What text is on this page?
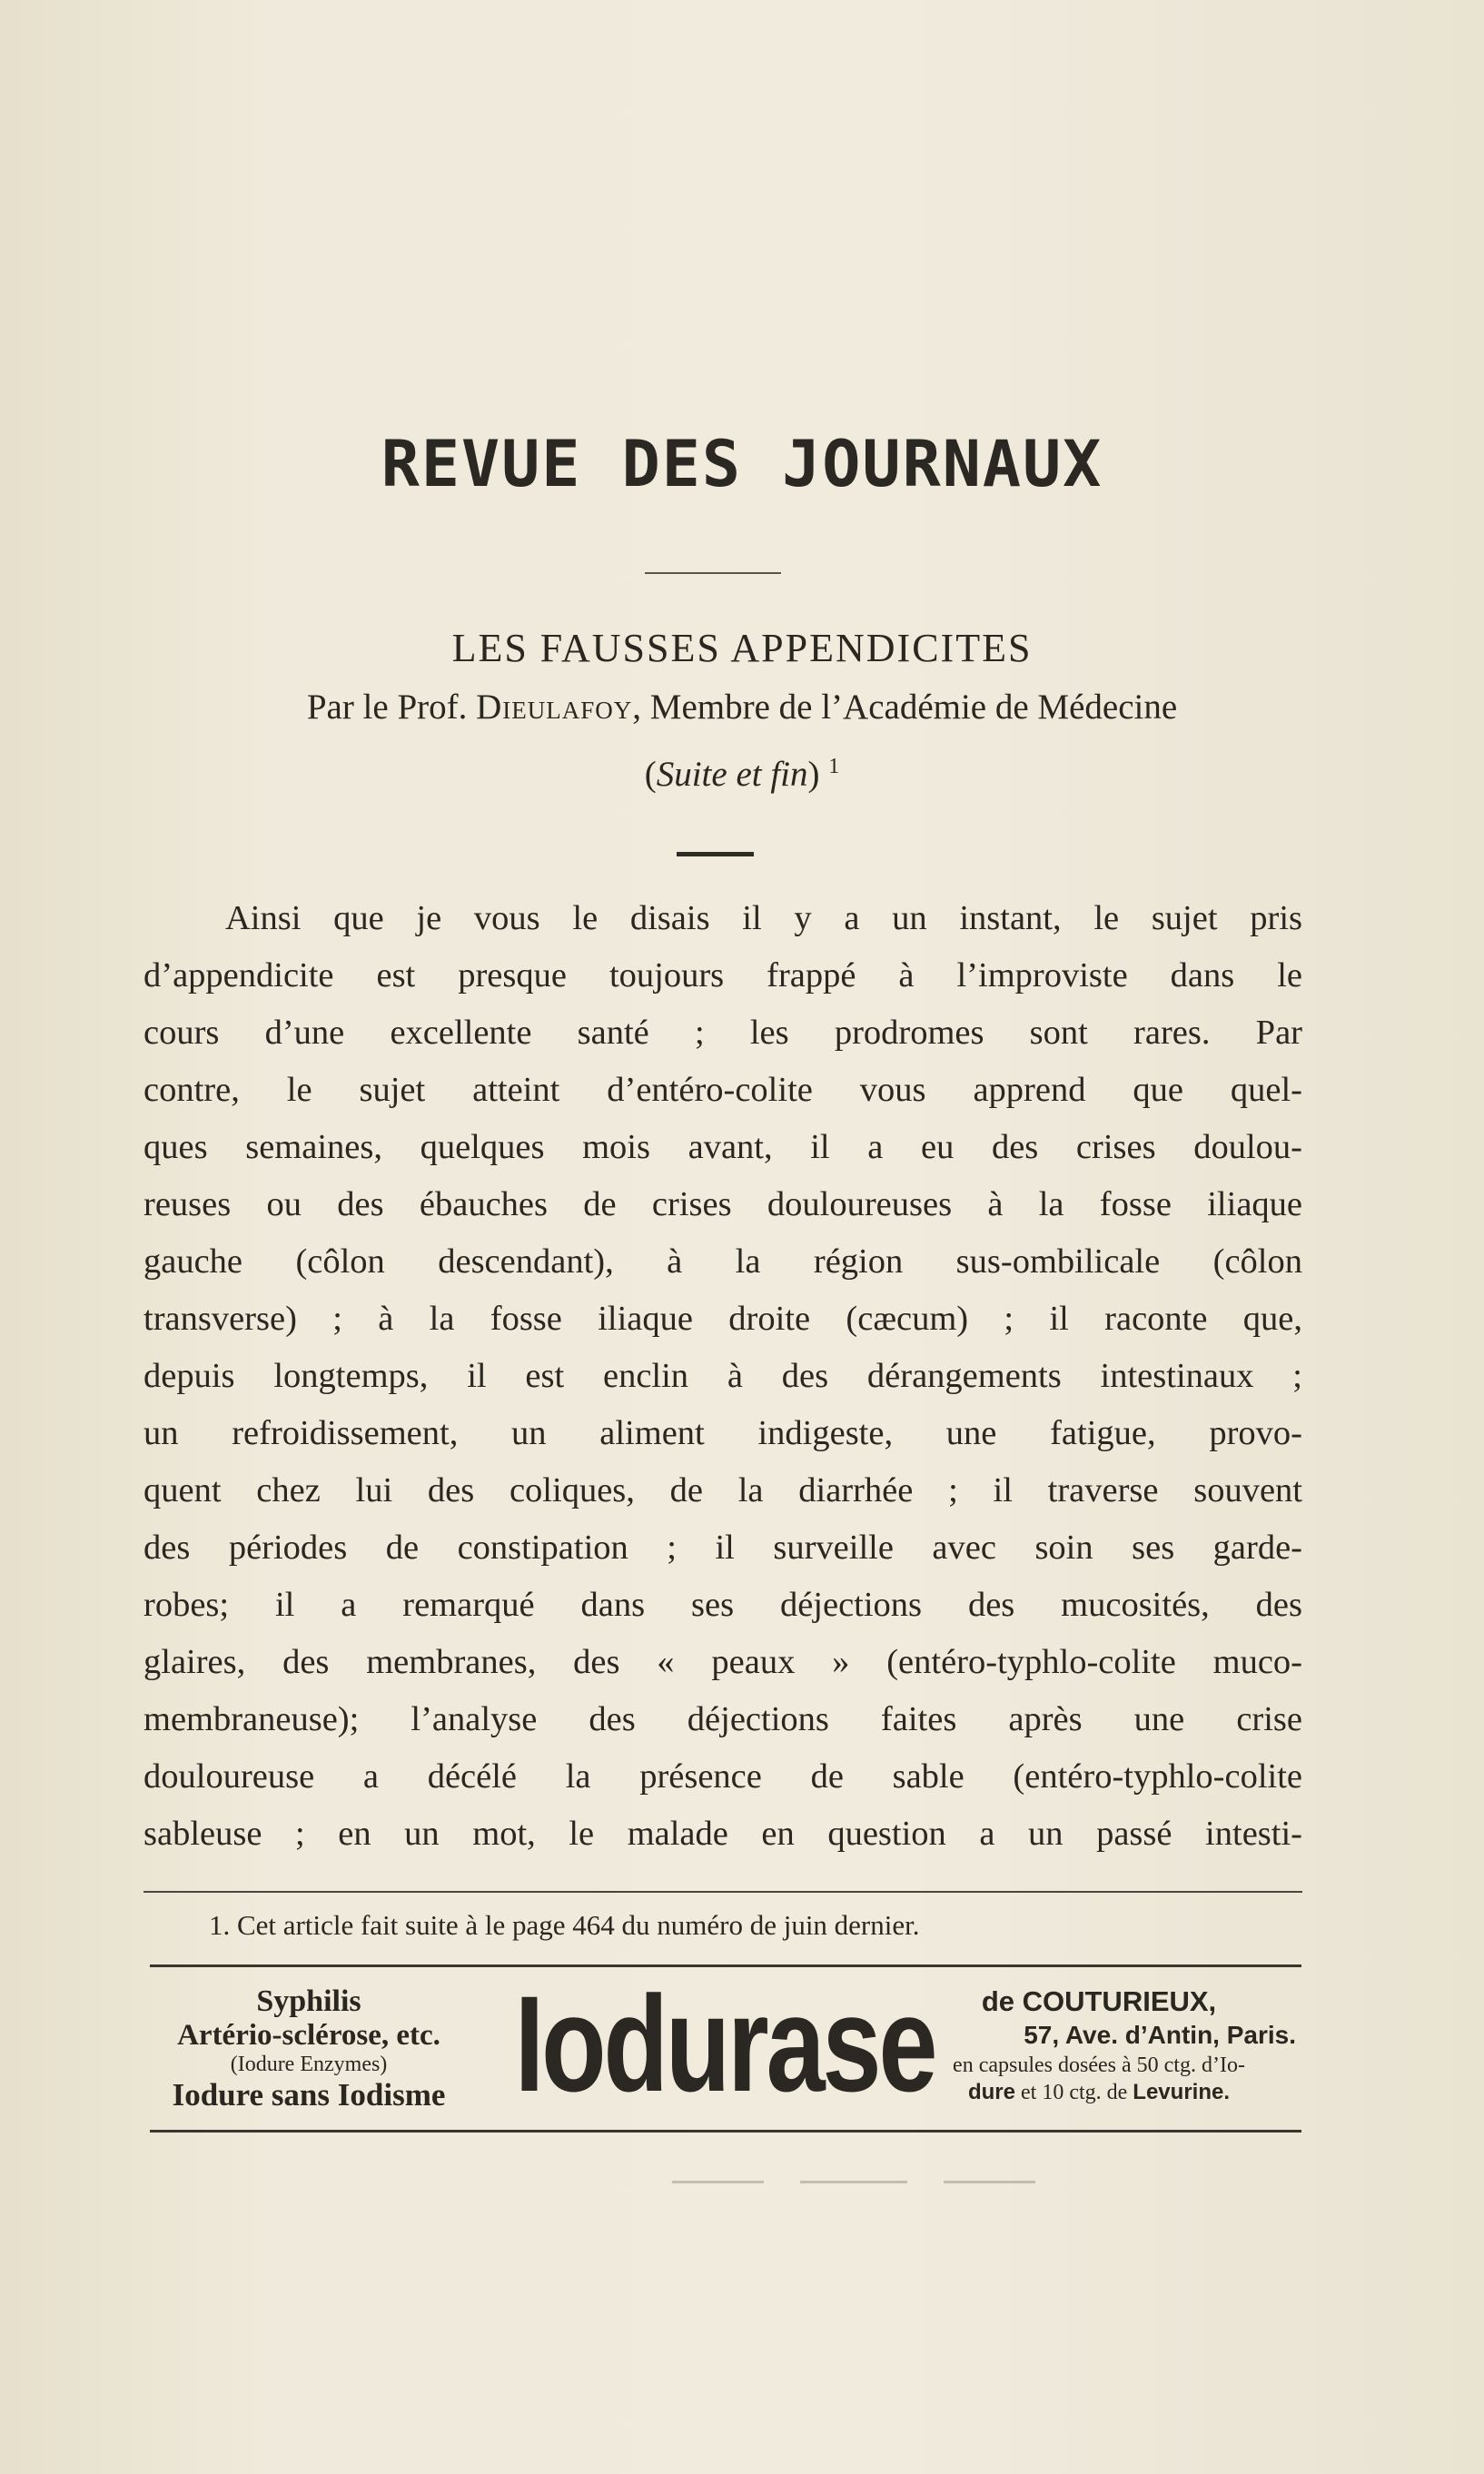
REVUE DES JOURNAUX
LES FAUSSES APPENDICITES
Par le Prof. Dieulafoy, Membre de l’Académie de Médecine
(Suite et fin) $^1$
Ainsi que je vous le disais il y a un instant, le sujet pris
d’appendicite est presque toujours frappé à l’improviste dans le
cours d’une excellente santé ; les prodromes sont rares. Par
contre, le sujet atteint d’entéro-colite vous apprend que quel-
ques semaines, quelques mois avant, il a eu des crises doulou-
reuses ou des ébauches de crises douloureuses à la fosse iliaque
gauche (côlon descendant), à la région sus-ombilicale (côlon
transverse) ; à la fosse iliaque droite (cæcum) ; il raconte que,
depuis longtemps, il est enclin à des dérangements intestinaux ;
un refroidissement, un aliment indigeste, une fatigue, provo-
quent chez lui des coliques, de la diarrhée ; il traverse souvent
des périodes de constipation ; il surveille avec soin ses garde-
robes; il a remarqué dans ses déjections des mucosités, des
glaires, des membranes, des « peaux » (entéro-typhlo-colite muco-
membraneuse); l’analyse des déjections faites après une crise
douloureuse a décélé la présence de sable (entéro-typhlo-colite
sableuse ; en un mot, le malade en question a un passé intesti-
1. Cet article fait suite à le page 464 du numéro de juin dernier.
Syphilis
Artério-sclérose, etc.
(Iodure Enzymes)
Iodure sans Iodisme Iodurase	de COUTURIEUX,
57, Ave. d’Antin, Paris.
en capsules dosées à 50 ctg. d’Io-
dure et 10 ctg. de Levurine.
